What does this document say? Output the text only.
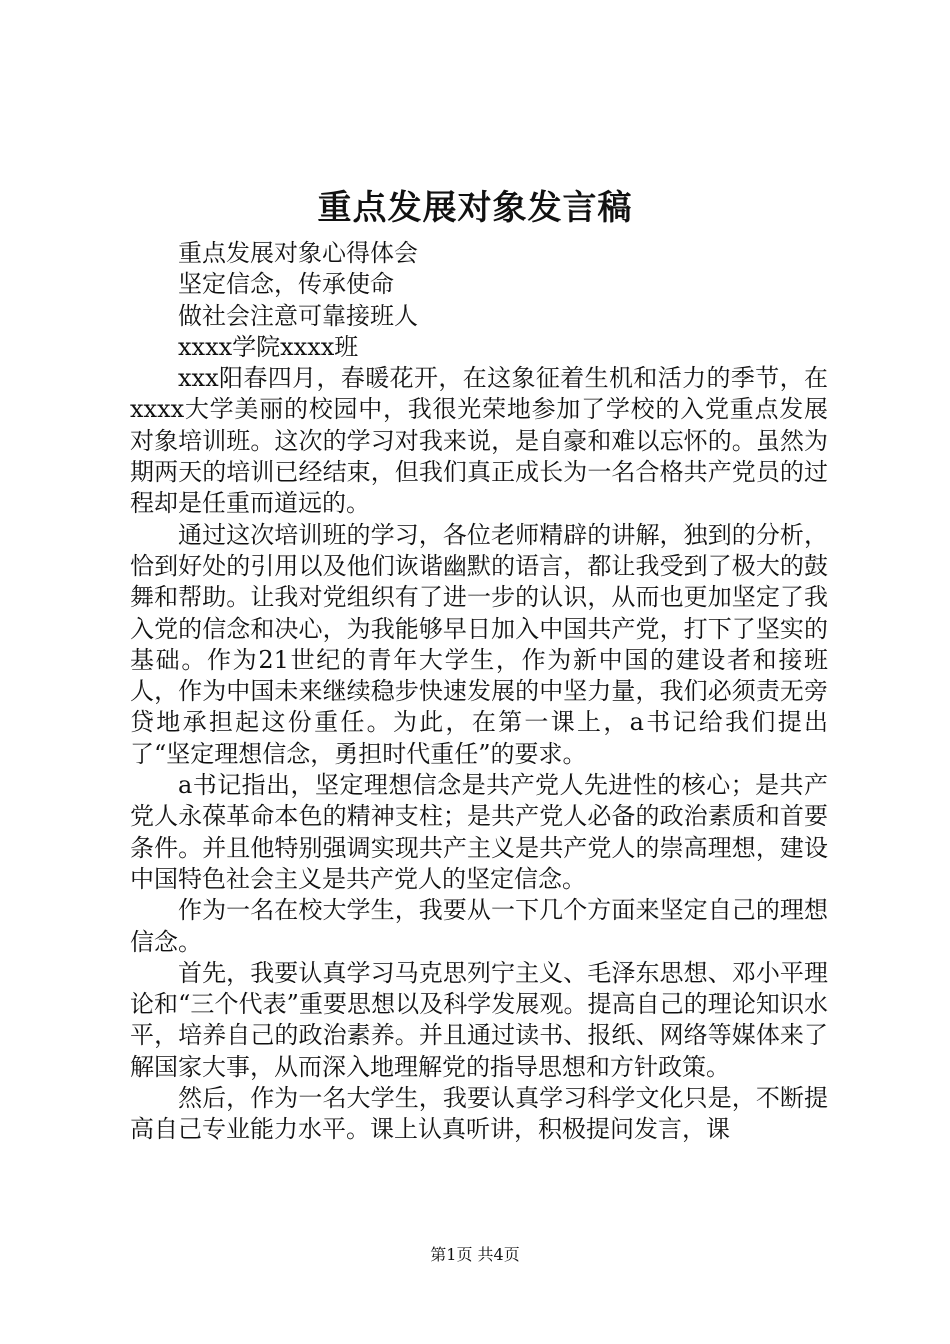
重点发展对象发言稿

重点发展对象心得体会

坚定信念，传承使命

做社会注意可靠接班人

xxxx学院xxxx班

xxx阳春四月，春暖花开，在这象征着生机和活力的季节，在xxxx大学美丽的校园中，我很光荣地参加了学校的入党重点发展对象培训班。这次的学习对我来说，是自豪和难以忘怀的。虽然为期两天的培训已经结束，但我们真正成长为一名合格共产党员的过程却是任重而道远的。

通过这次培训班的学习，各位老师精辟的讲解，独到的分析，恰到好处的引用以及他们诙谐幽默的语言，都让我受到了极大的鼓舞和帮助。让我对党组织有了进一步的认识，从而也更加坚定了我入党的信念和决心，为我能够早日加入中国共产党，打下了坚实的基础。作为21世纪的青年大学生，作为新中国的建设者和接班人，作为中国未来继续稳步快速发展的中坚力量，我们必须责无旁贷地承担起这份重任。为此，在第一课上，a书记给我们提出了“坚定理想信念，勇担时代重任”的要求。

a书记指出，坚定理想信念是共产党人先进性的核心；是共产党人永葆革命本色的精神支柱；是共产党人必备的政治素质和首要条件。并且他特别强调实现共产主义是共产党人的崇高理想，建设中国特色社会主义是共产党人的坚定信念。

作为一名在校大学生，我要从一下几个方面来坚定自己的理想信念。

首先，我要认真学习马克思列宁主义、毛泽东思想、邓小平理论和“三个代表”重要思想以及科学发展观。提高自己的理论知识水平，培养自己的政治素养。并且通过读书、报纸、网络等媒体来了解国家大事，从而深入地理解党的指导思想和方针政策。

然后，作为一名大学生，我要认真学习科学文化只是，不断提高自己专业能力水平。课上认真听讲，积极提问发言，课

第1页 共4页
